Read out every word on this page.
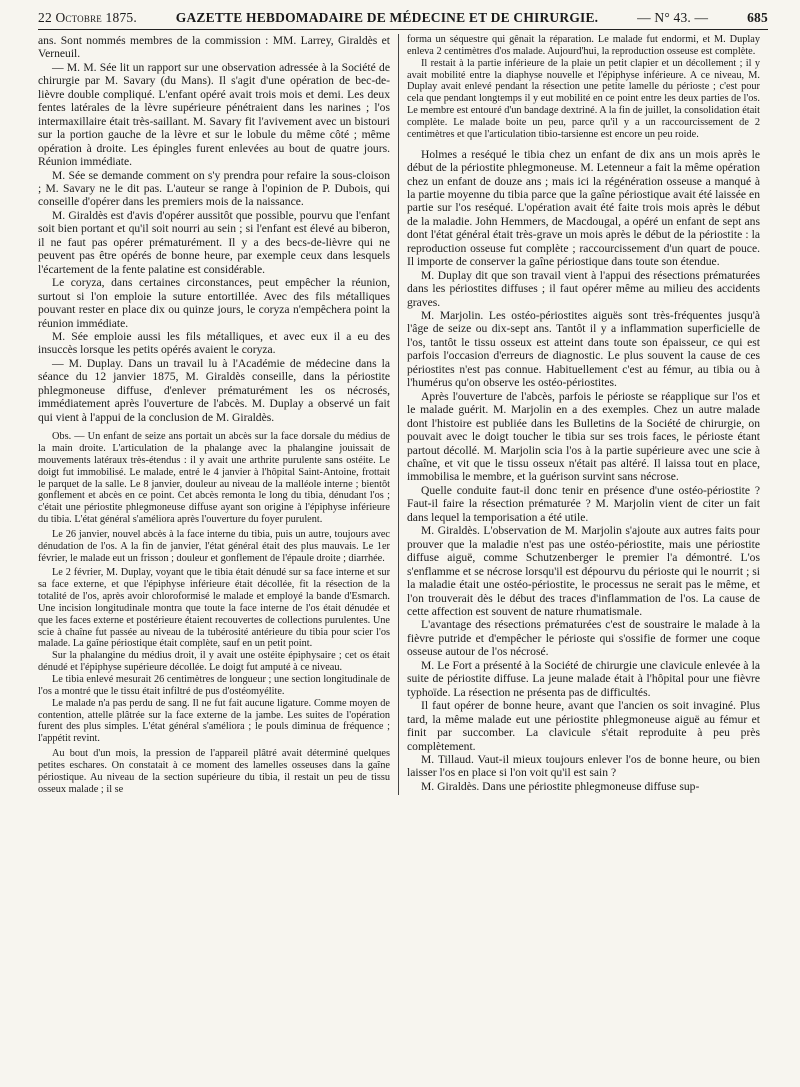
22 Octobre 1875.	GAZETTE HEBDOMADAIRE DE MÉDECINE ET DE CHIRURGIE.	— N° 43. —	685

ans. Sont nommés membres de la commission : MM. Larrey, Giraldès et Verneuil.

— M. M. Sée lit un rapport sur une observation adressée à la Société de chirurgie par M. Savary (du Mans). Il s'agit d'une opération de bec-de-lièvre double compliqué. L'enfant opéré avait trois mois et demi. Les deux fentes latérales de la lèvre supérieure pénétraient dans les narines ; l'os intermaxillaire était très-saillant. M. Savary fit l'avivement avec un bistouri sur la portion gauche de la lèvre et sur le lobule du même côté ; même opération à droite. Les épingles furent enlevées au bout de quatre jours. Réunion immédiate.

M. Sée se demande comment on s'y prendra pour refaire la sous-cloison ; M. Savary ne le dit pas. L'auteur se range à l'opinion de P. Dubois, qui conseille d'opérer dans les premiers mois de la naissance.

M. Giraldès est d'avis d'opérer aussitôt que possible, pourvu que l'enfant soit bien portant et qu'il soit nourri au sein ; si l'enfant est élevé au biberon, il ne faut pas opérer prématurément. Il y a des becs-de-lièvre qui ne peuvent pas être opérés de bonne heure, par exemple ceux dans lesquels l'écartement de la fente palatine est considérable.

Le coryza, dans certaines circonstances, peut empêcher la réunion, surtout si l'on emploie la suture entortillée. Avec des fils métalliques pouvant rester en place dix ou quinze jours, le coryza n'empêchera point la réunion immédiate.

M. Sée emploie aussi les fils métalliques, et avec eux il a eu des insuccès lorsque les petits opérés avaient le coryza.

— M. Duplay. Dans un travail lu à l'Académie de médecine dans la séance du 12 janvier 1875, M. Giraldès conseille, dans la périostite phlegmoneuse diffuse, d'enlever prématurément les os nécrosés, immédiatement après l'ouverture de l'abcès. M. Duplay a observé un fait qui vient à l'appui de la conclusion de M. Giraldès.

Obs. — Un enfant de seize ans portait un abcès sur la face dorsale du médius de la main droite. L'articulation de la phalange avec la phalangine jouissait de mouvements latéraux très-étendus : il y avait une arthrite purulente sans ostéite. Le doigt fut immobilisé. Le malade, entré le 4 janvier à l'hôpital Saint-Antoine, frottait le parquet de la salle. Le 8 janvier, douleur au niveau de la malléole interne ; bientôt gonflement et abcès en ce point. Cet abcès remonta le long du tibia, dénudant l'os ; c'était une périostite phlegmoneuse diffuse ayant son origine à l'épiphyse inférieure du tibia. L'état général s'améliora après l'ouverture du foyer purulent.

Le 26 janvier, nouvel abcès à la face interne du tibia, puis un autre, toujours avec dénudation de l'os. A la fin de janvier, l'état général était des plus mauvais. Le 1er février, le malade eut un frisson ; douleur et gonflement de l'épaule droite ; diarrhée.

Le 2 février, M. Duplay, voyant que le tibia était dénudé sur sa face interne et sur sa face externe, et que l'épiphyse inférieure était décollée, fit la résection de la totalité de l'os, après avoir chloroformisé le malade et employé la bande d'Esmarch. Une incision longitudinale montra que toute la face interne de l'os était dénudée et que les faces externe et postérieure étaient recouvertes de collections purulentes. Une scie à chaîne fut passée au niveau de la tubérosité antérieure du tibia pour scier l'os malade. La gaîne périostique était complète, sauf en un petit point.

Sur la phalangine du médius droit, il y avait une ostéite épiphysaire ; cet os était dénudé et l'épiphyse supérieure décollée. Le doigt fut amputé à ce niveau.

Le tibia enlevé mesurait 26 centimètres de longueur ; une section longitudinale de l'os a montré que le tissu était infiltré de pus d'ostéomyélite.

Le malade n'a pas perdu de sang. Il ne fut fait aucune ligature. Comme moyen de contention, attelle plâtrée sur la face externe de la jambe. Les suites de l'opération furent des plus simples. L'état général s'améliora ; le pouls diminua de fréquence ; l'appétit revint.

Au bout d'un mois, la pression de l'appareil plâtré avait déterminé quelques petites eschares. On constatait à ce moment des lamelles osseuses dans la gaîne périostique. Au niveau de la section supérieure du tibia, il restait un peu de tissu osseux malade ; il se

forma un séquestre qui gênait la réparation. Le malade fut endormi, et M. Duplay enleva 2 centimètres d'os malade. Aujourd'hui, la reproduction osseuse est complète.

Il restait à la partie inférieure de la plaie un petit clapier et un décollement ; il y avait mobilité entre la diaphyse nouvelle et l'épiphyse inférieure. A ce niveau, M. Duplay avait enlevé pendant la résection une petite lamelle du périoste ; c'est pour cela que pendant longtemps il y eut mobilité en ce point entre les deux parties de l'os. Le membre est entouré d'un bandage dextriné. A la fin de juillet, la consolidation était complète. Le malade boite un peu, parce qu'il y a un raccourcissement de 2 centimètres et que l'articulation tibio-tarsienne est encore un peu roide.

Holmes a reséqué le tibia chez un enfant de dix ans un mois après le début de la périostite phlegmoneuse. M. Letenneur a fait la même opération chez un enfant de douze ans ; mais ici la régénération osseuse a manqué à la partie moyenne du tibia parce que la gaîne périostique avait été laissée en partie sur l'os reséqué. L'opération avait été faite trois mois après le début de la maladie. John Hemmers, de Macdougal, a opéré un enfant de sept ans dont l'état général était très-grave un mois après le début de la périostite : la reproduction osseuse fut complète ; raccourcissement d'un quart de pouce. Il importe de conserver la gaîne périostique dans toute son étendue.

M. Duplay dit que son travail vient à l'appui des résections prématurées dans les périostites diffuses ; il faut opérer même au milieu des accidents graves.

M. Marjolin. Les ostéo-périostites aiguës sont très-fréquentes jusqu'à l'âge de seize ou dix-sept ans. Tantôt il y a inflammation superficielle de l'os, tantôt le tissu osseux est atteint dans toute son épaisseur, ce qui est parfois l'occasion d'erreurs de diagnostic. Le plus souvent la cause de ces périostites n'est pas connue. Habituellement c'est au fémur, au tibia ou à l'humérus qu'on observe les ostéo-périostites.

Après l'ouverture de l'abcès, parfois le périoste se réapplique sur l'os et le malade guérit. M. Marjolin en a des exemples. Chez un autre malade dont l'histoire est publiée dans les Bulletins de la Société de chirurgie, on pouvait avec le doigt toucher le tibia sur ses trois faces, le périoste étant partout décollé. M. Marjolin scia l'os à la partie supérieure avec une scie à chaîne, et vit que le tissu osseux n'était pas altéré. Il laissa tout en place, immobilisa le membre, et la guérison survint sans nécrose.

Quelle conduite faut-il donc tenir en présence d'une ostéo-périostite ? Faut-il faire la résection prématurée ? M. Marjolin vient de citer un fait dans lequel la temporisation a été utile.

M. Giraldès. L'observation de M. Marjolin s'ajoute aux autres faits pour prouver que la maladie n'est pas une ostéo-périostite, mais une périostite diffuse aiguë, comme Schutzenberger le premier l'a démontré. L'os s'enflamme et se nécrose lorsqu'il est dépourvu du périoste qui le nourrit ; si la maladie était une ostéo-périostite, le processus ne serait pas le même, et l'on trouverait dès le début des traces d'inflammation de l'os. La cause de cette affection est souvent de nature rhumatismale.

L'avantage des résections prématurées c'est de soustraire le malade à la fièvre putride et d'empêcher le périoste qui s'ossifie de former une coque osseuse autour de l'os nécrosé.

M. Le Fort a présenté à la Société de chirurgie une clavicule enlevée à la suite de périostite diffuse. La jeune malade était à l'hôpital pour une fièvre typhoïde. La résection ne présenta pas de difficultés.

Il faut opérer de bonne heure, avant que l'ancien os soit invaginé. Plus tard, la même malade eut une périostite phlegmoneuse aiguë au fémur et finit par succomber. La clavicule s'était reproduite à peu près complètement.

M. Tillaud. Vaut-il mieux toujours enlever l'os de bonne heure, ou bien laisser l'os en place si l'on voit qu'il est sain ?

M. Giraldès. Dans une périostite phlegmoneuse diffuse sup-
